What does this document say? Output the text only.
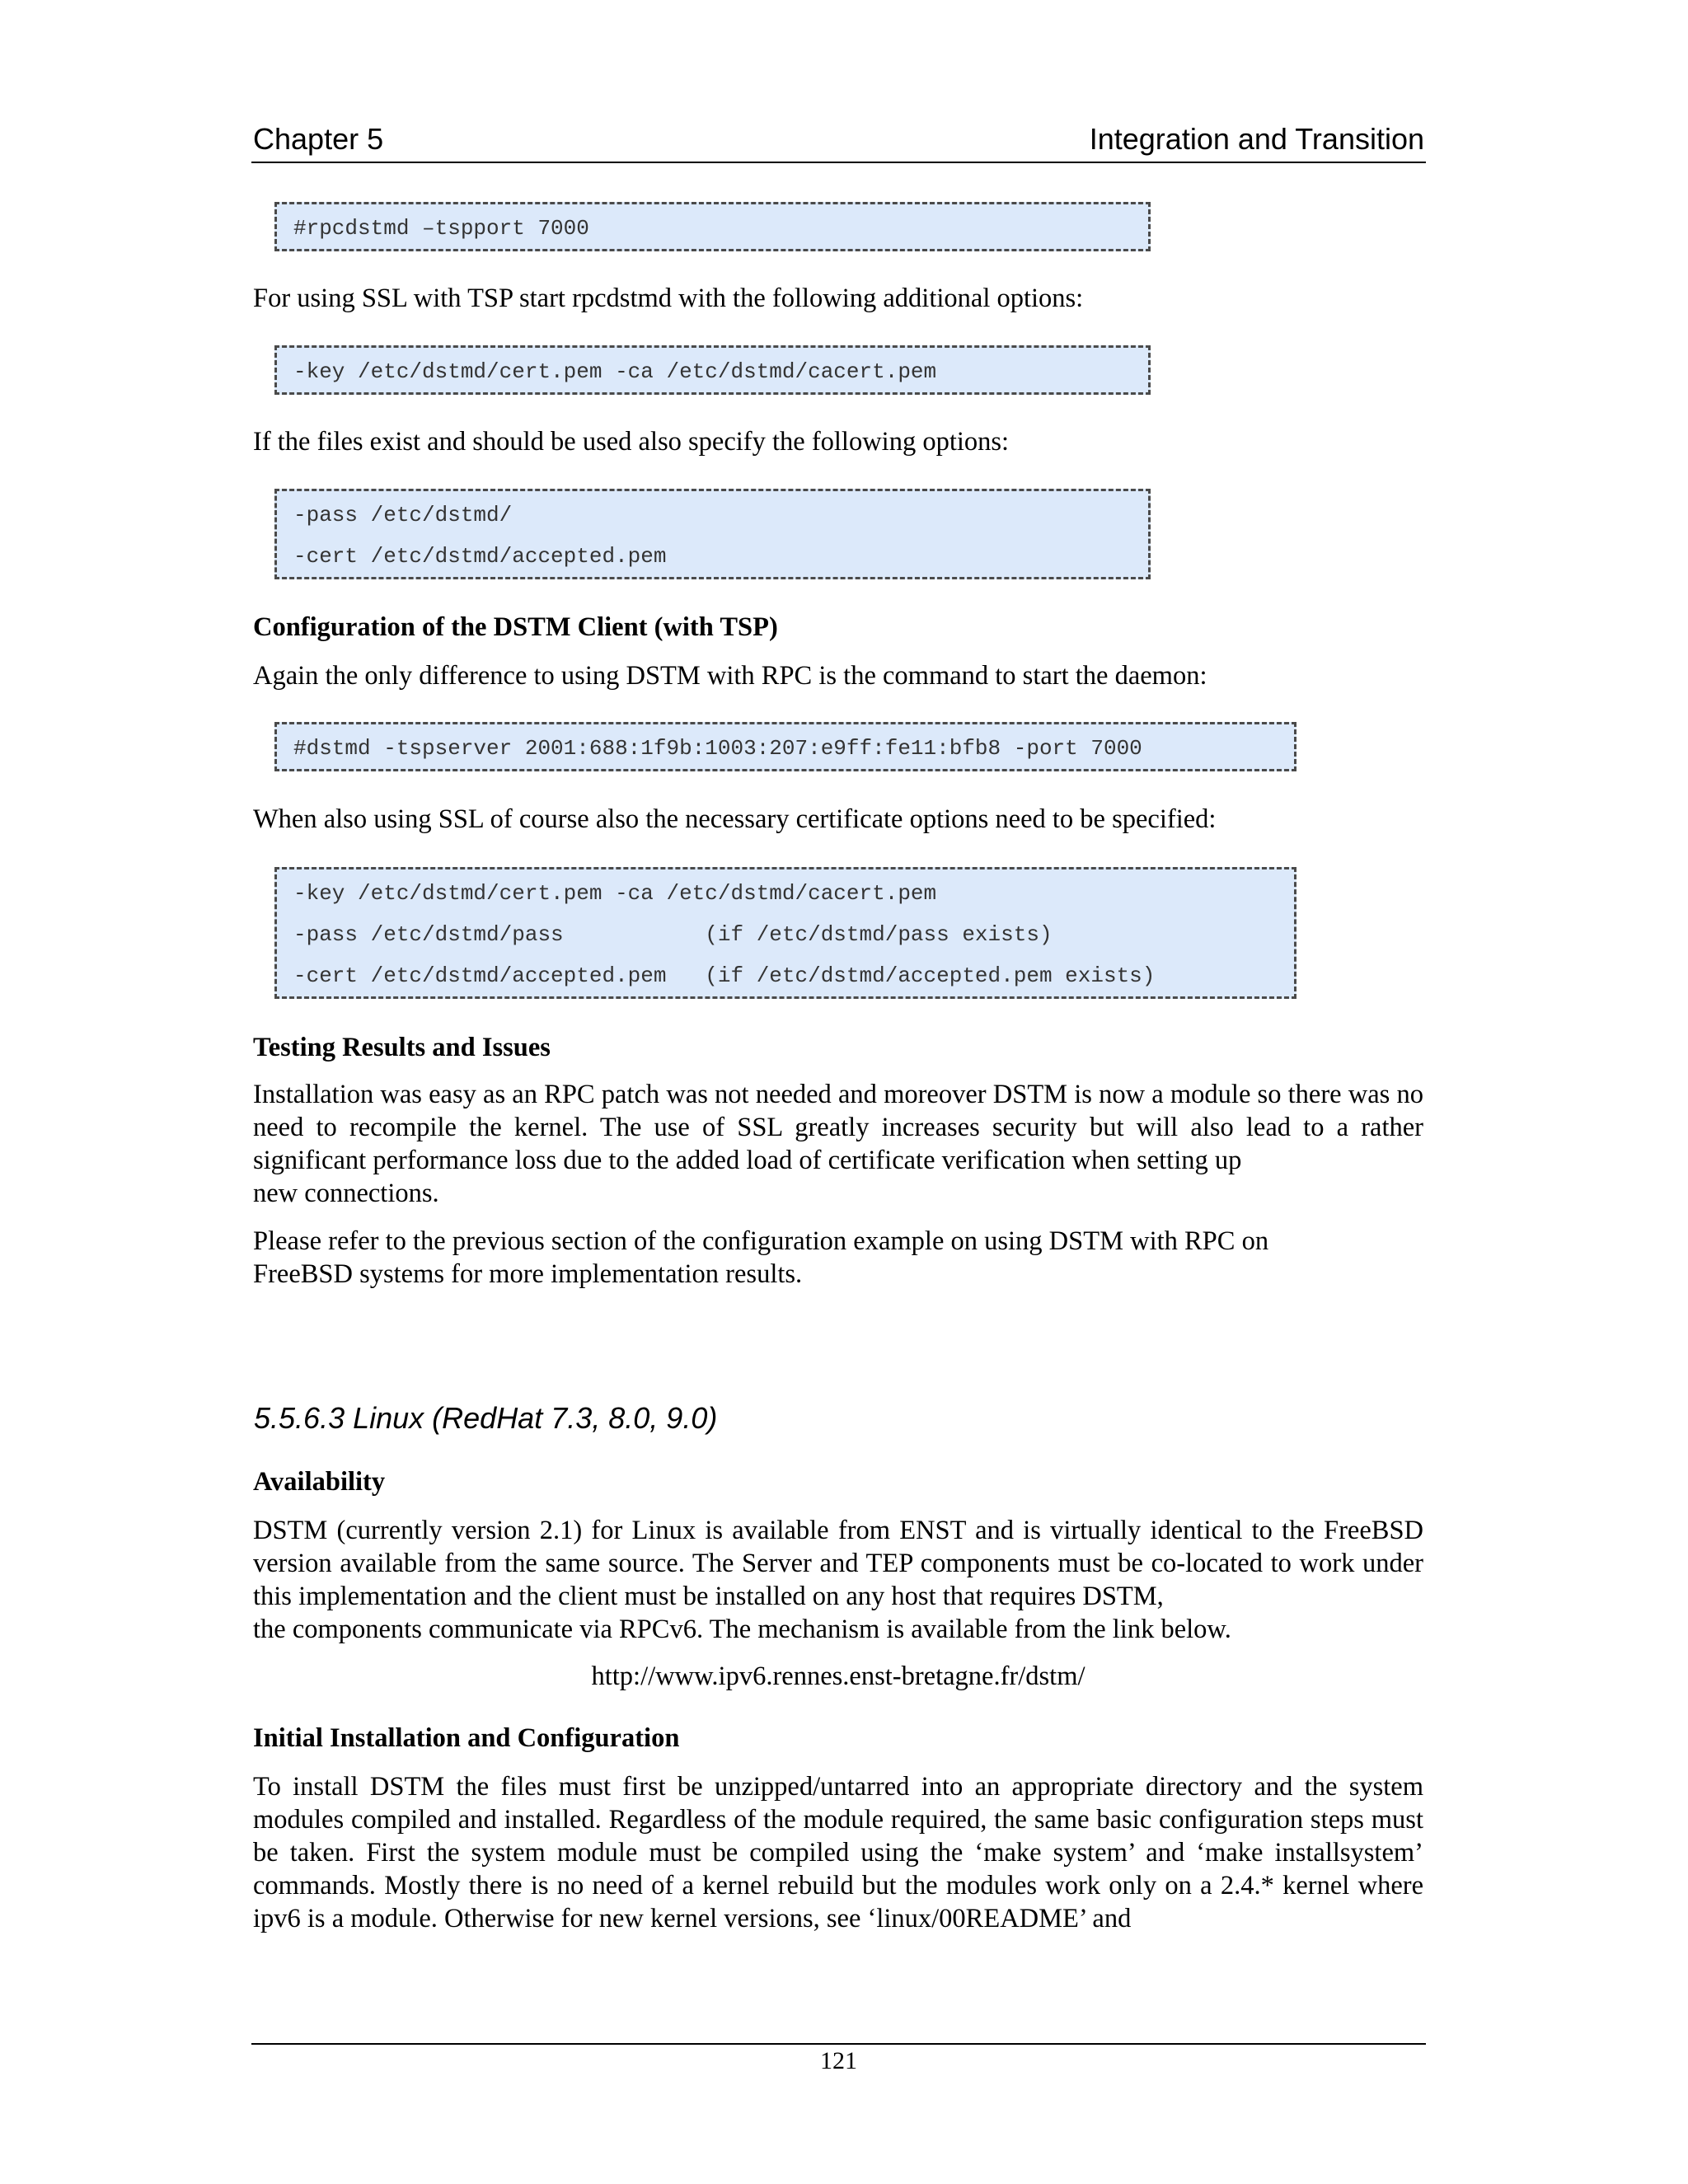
Chapter 5	Integration and Transition
#rpcdstmd –tspport 7000
For using SSL with TSP start rpcdstmd with the following additional options:
-key /etc/dstmd/cert.pem -ca /etc/dstmd/cacert.pem
If the files exist and should be used also specify the following options:
-pass /etc/dstmd/
-cert /etc/dstmd/accepted.pem
Configuration of the DSTM Client (with TSP)
Again the only difference to using DSTM with RPC is the command to start the daemon:
#dstmd -tspserver 2001:688:1f9b:1003:207:e9ff:fe11:bfb8 -port 7000
When also using SSL of course also the necessary certificate options need to be specified:
-key /etc/dstmd/cert.pem -ca /etc/dstmd/cacert.pem
-pass /etc/dstmd/pass           (if /etc/dstmd/pass exists)
-cert /etc/dstmd/accepted.pem   (if /etc/dstmd/accepted.pem exists)
Testing Results and Issues
Installation was easy as an RPC patch was not needed and moreover DSTM is now a module so there was no need to recompile the kernel. The use of SSL greatly increases security but will also lead to a rather significant performance loss due to the added load of certificate verification when setting up
new connections.
Please refer to the previous section of the configuration example on using DSTM with RPC on
FreeBSD systems for more implementation results.
5.5.6.3 Linux (RedHat 7.3, 8.0, 9.0)
Availability
DSTM (currently version 2.1) for Linux is available from ENST and is virtually identical to the FreeBSD version available from the same source. The Server and TEP components must be co-located to work under this implementation and the client must be installed on any host that requires DSTM,
the components communicate via RPCv6. The mechanism is available from the link below.
http://www.ipv6.rennes.enst-bretagne.fr/dstm/
Initial Installation and Configuration
To install DSTM the files must first be unzipped/untarred into an appropriate directory and the system modules compiled and installed. Regardless of the module required, the same basic configuration steps must be taken. First the system module must be compiled using the ‘make system’ and ‘make installsystem’ commands. Mostly there is no need of a kernel rebuild but the modules work only on a 2.4.* kernel where ipv6 is a module. Otherwise for new kernel versions, see ‘linux/00README’ and
121
